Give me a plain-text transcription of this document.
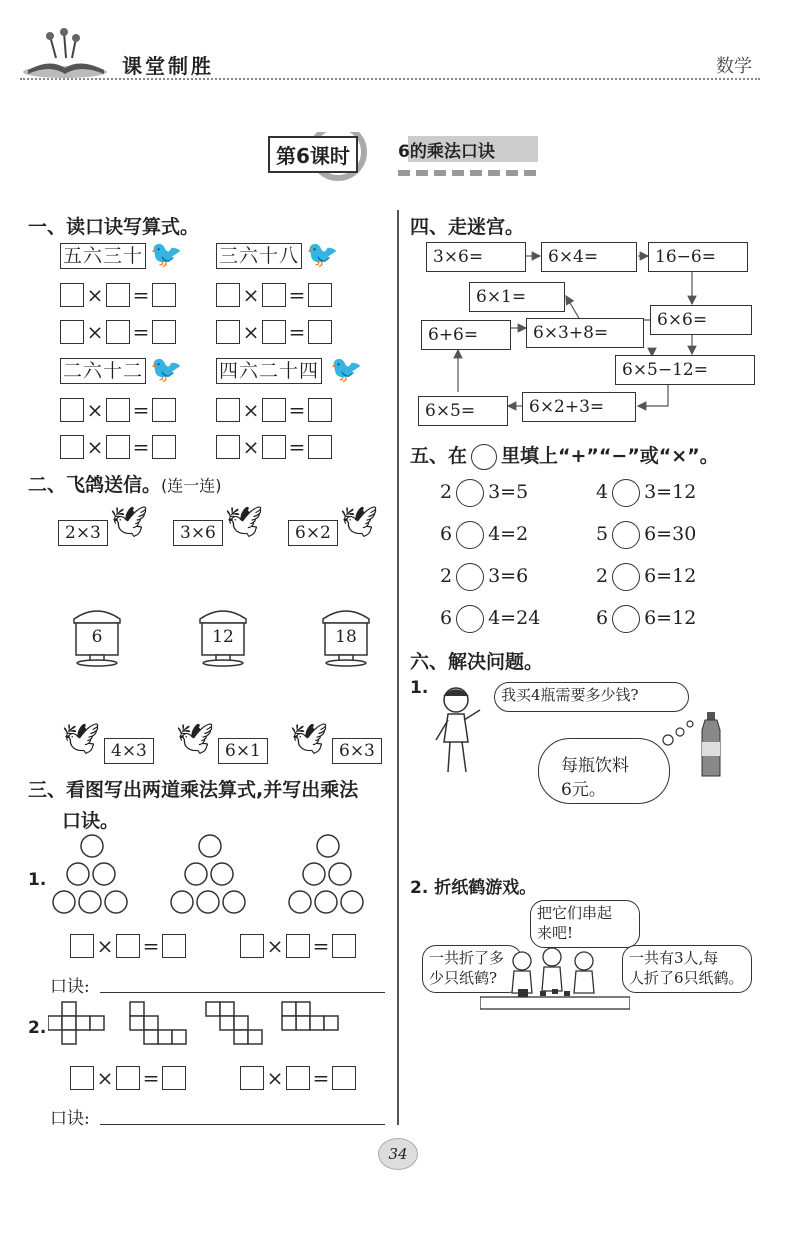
课堂制胜	数学
第6课时	6的乘法口诀
一、读口诀写算式。
五六三十 🐦 三六十八 🐦
× =	× =
× =	× =
二六十二 🐦 四六二十四 🐦
× =	× =
× =	× =
二、飞鸽送信。(连一连)
2×3 🕊	3×6 🕊	6×2 🕊
6	12	18
🕊 4×3 🕊 6×1 🕊 6×3
三、看图写出两道乘法算式,并写出乘法
口诀。
1.
× =	× =
口诀:
2.
× =	× =
口诀:
四、走迷宫。
3×6=	6×4=	16−6=
6×1=
6×6=
6+6=	6×3+8=
6×5−12=
6×5=	6×2+3=
五、在 里填上“+”“−”或“×”。
2 3=5	4 3=12
6 4=2	5 6=30
2 3=6	2 6=12
6 4=24	6 6=12
六、解决问题。
1.	我买4瓶需要多少钱?
每瓶饮料
6元。
2. 折纸鹤游戏。
把它们串起
来吧!
一共折了多
少只纸鹤?
一共有3人,每
人折了6只纸鹤。
34
